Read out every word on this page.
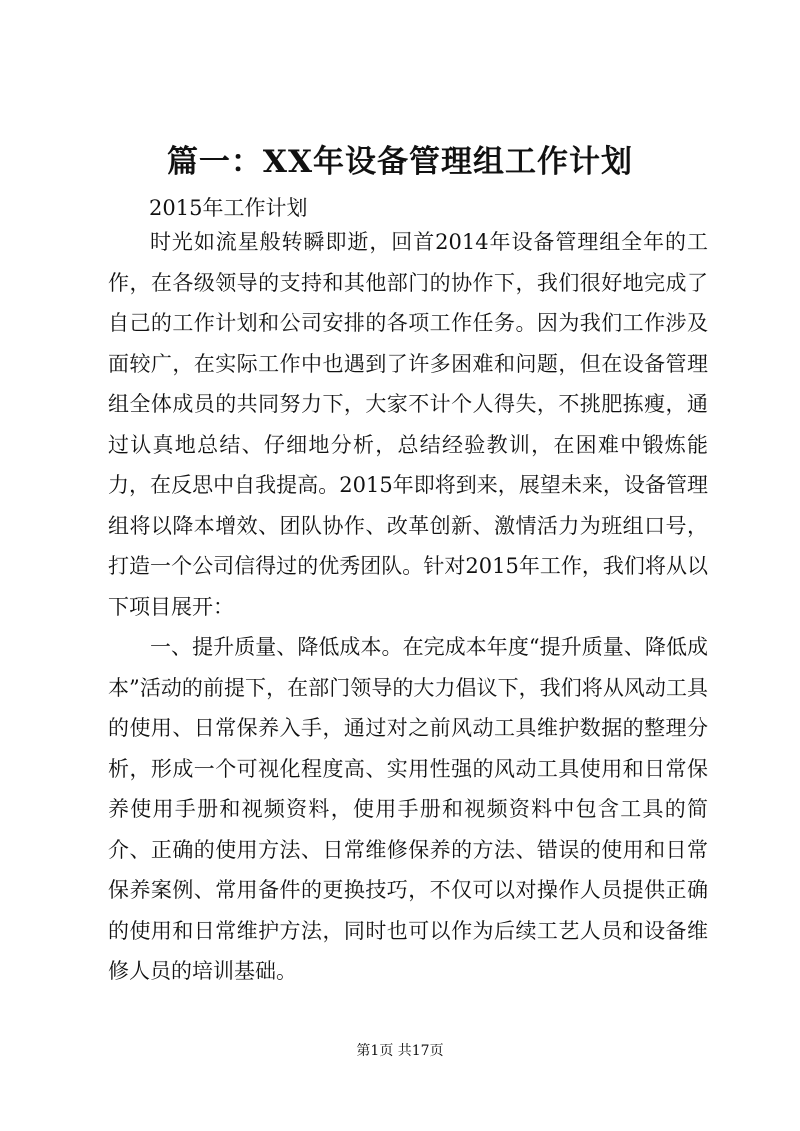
篇一：XX年设备管理组工作计划
2015年工作计划

时光如流星般转瞬即逝，回首2014年设备管理组全年的工作，在各级领导的支持和其他部门的协作下，我们很好地完成了自己的工作计划和公司安排的各项工作任务。因为我们工作涉及面较广，在实际工作中也遇到了许多困难和问题，但在设备管理组全体成员的共同努力下，大家不计个人得失，不挑肥拣瘦，通过认真地总结、仔细地分析，总结经验教训，在困难中锻炼能力，在反思中自我提高。2015年即将到来，展望未来，设备管理组将以降本增效、团队协作、改革创新、激情活力为班组口号，打造一个公司信得过的优秀团队。针对2015年工作，我们将从以下项目展开：

一、提升质量、降低成本。在完成本年度“提升质量、降低成本”活动的前提下，在部门领导的大力倡议下，我们将从风动工具的使用、日常保养入手，通过对之前风动工具维护数据的整理分析，形成一个可视化程度高、实用性强的风动工具使用和日常保养使用手册和视频资料，使用手册和视频资料中包含工具的简介、正确的使用方法、日常维修保养的方法、错误的使用和日常保养案例、常用备件的更换技巧，不仅可以对操作人员提供正确的使用和日常维护方法，同时也可以作为后续工艺人员和设备维修人员的培训基础。

第1页 共17页
